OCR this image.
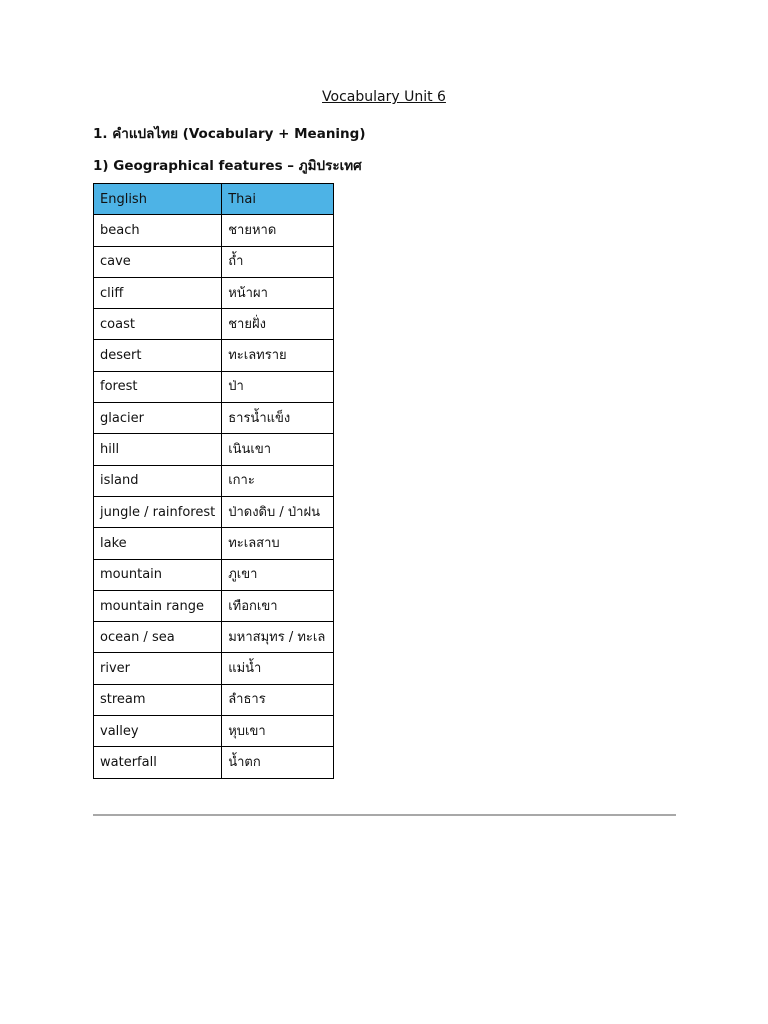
Vocabulary Unit 6
1. คำแปลไทย (Vocabulary + Meaning)
1) Geographical features – ภูมิประเทศ
English	Thai
beach	ชายหาด
cave	ถ้ำ
cliff	หน้าผา
coast	ชายฝั่ง
desert	ทะเลทราย
forest	ป่า
glacier	ธารน้ำแข็ง
hill	เนินเขา
island	เกาะ
jungle / rainforest	ป่าดงดิบ / ป่าฝน
lake	ทะเลสาบ
mountain	ภูเขา
mountain range	เทือกเขา
ocean / sea	มหาสมุทร / ทะเล
river	แม่น้ำ
stream	ลำธาร
valley	หุบเขา
waterfall	น้ำตก
